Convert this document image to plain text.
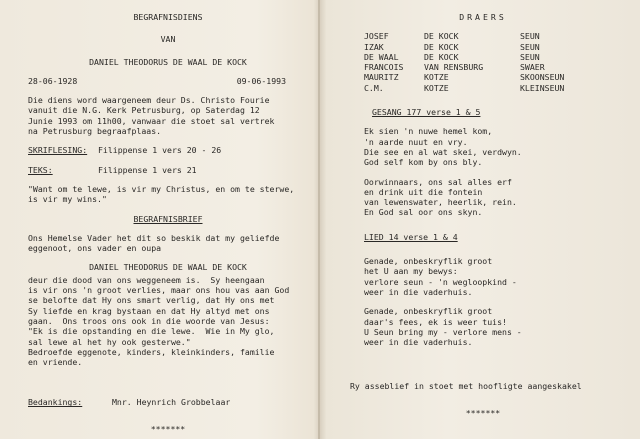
BEGRAFNISDIENS

VAN

DANIEL THEODORUS DE WAAL DE KOCK

28-06-1928	09-06-1993

Die diens word waargeneem deur Ds. Christo Fourie

vanuit die N.G. Kerk Petrusburg, op Saterdag 12

Junie 1993 om 11h00, vanwaar die stoet sal vertrek

na Petrusburg begraafplaas.

SKRIFLESING:	Filippense 1 vers 20 - 26
TEKS:	Filippense 1 vers 21

"Want om te lewe, is vir my Christus, en om te sterwe,

is vir my wins."

BEGRAFNISBRIEF

Ons Hemelse Vader het dit so beskik dat my geliefde

eggenoot, ons vader en oupa

DANIEL THEODORUS DE WAAL DE KOCK

deur die dood van ons weggeneem is.  Sy heengaan

is vir ons 'n groot verlies, maar ons hou vas aan God

se belofte dat Hy ons smart verlig, dat Hy ons met

Sy liefde en krag bystaan en dat Hy altyd met ons

gaan.  Ons troos ons ook in die woorde van Jesus:

"Ek is die opstanding en die lewe.  Wie in My glo,

sal lewe al het hy ook gesterwe."

Bedroefde eggenote, kinders, kleinkinders, familie

en vriende.

Bedankings:	Mnr. Heynrich Grobbelaar

*******

DRAERS

JOSEF	DE KOCK	SEUN
IZAK	DE KOCK	SEUN
DE WAAL	DE KOCK	SEUN
FRANCOIS	VAN RENSBURG	SWAER
MAURITZ	KOTZE	SKOONSEUN
C.M.	KOTZE	KLEINSEUN

GESANG 177 verse 1 & 5

Ek sien 'n nuwe hemel kom,

'n aarde nuut en vry.

Die see en al wat skei, verdwyn.

God self kom by ons bly.

Oorwinnaars, ons sal alles erf

en drink uit die fontein

van lewenswater, heerlik, rein.

En God sal oor ons skyn.

LIED 14 verse 1 & 4

Genade, onbeskryflik groot

het U aan my bewys:

verlore seun - 'n wegloopkind -

weer in die vaderhuis.

Genade, onbeskryflik groot

daar's fees, ek is weer tuis!

U Seun bring my - verlore mens -

weer in die vaderhuis.

Ry asseblief in stoet met hoofligte aangeskakel

*******
